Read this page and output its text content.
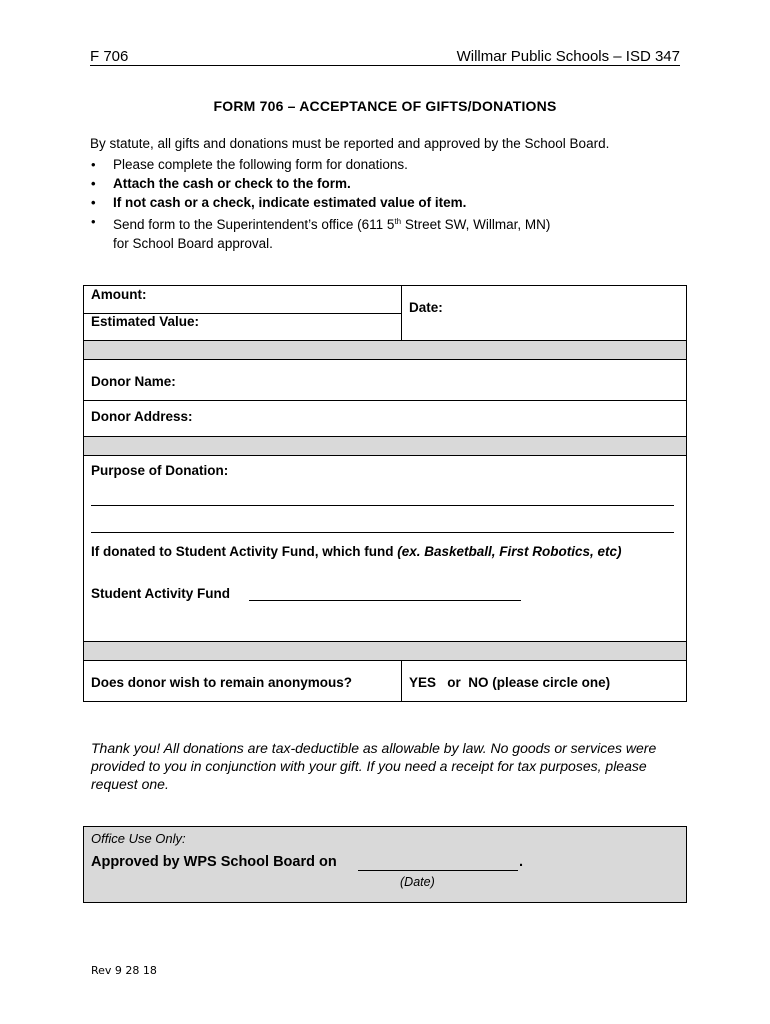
F 706	Willmar Public Schools – ISD 347
FORM 706 – ACCEPTANCE OF GIFTS/DONATIONS
By statute, all gifts and donations must be reported and approved by the School Board.
• Please complete the following form for donations.
• Attach the cash or check to the form.
• If not cash or a check, indicate estimated value of item.
• Send form to the Superintendent’s office (611 5th Street SW, Willmar, MN)
for School Board approval.
Amount:
Estimated Value:
Date:
Donor Name:
Donor Address:
Purpose of Donation:
If donated to Student Activity Fund, which fund (ex. Basketball, First Robotics, etc)
Student Activity Fund
Does donor wish to remain anonymous?	YES   or  NO (please circle one)
Thank you! All donations are tax-deductible as allowable by law. No goods or services were provided to you in conjunction with your gift. If you need a receipt for tax purposes, please request one.
Office Use Only:
Approved by WPS School Board on	.
(Date)
Rev 9 28 18
